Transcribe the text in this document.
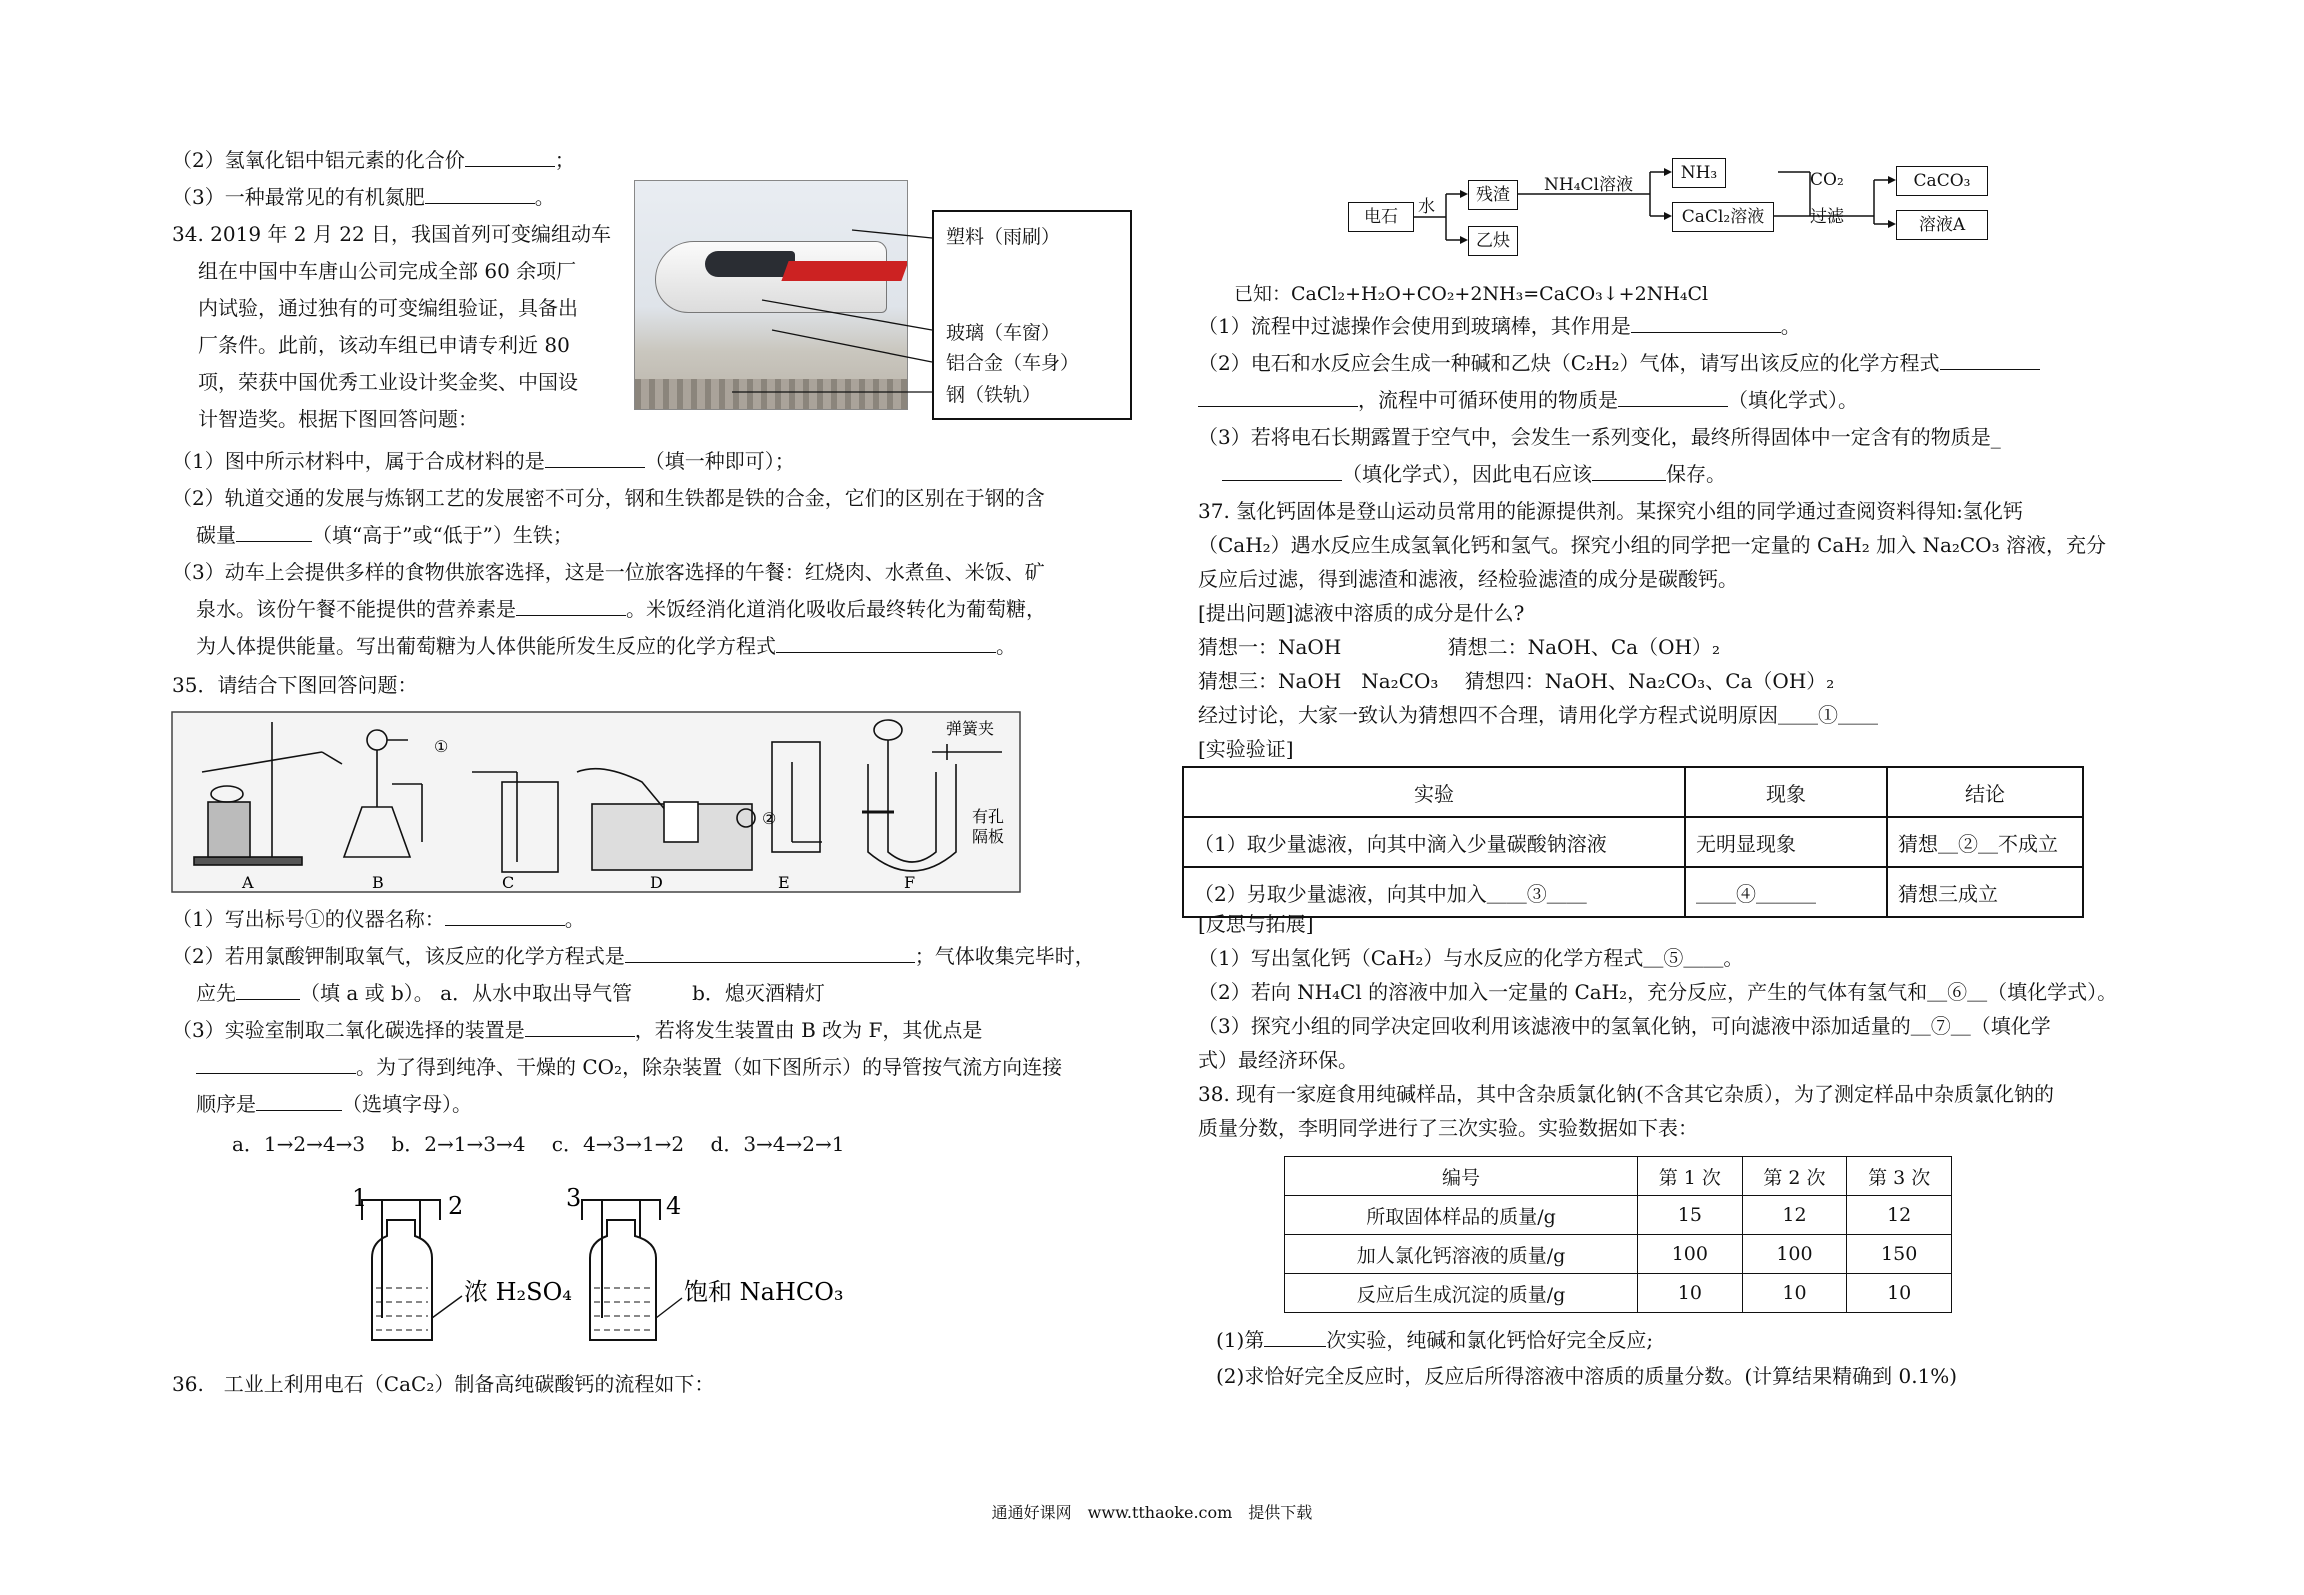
（2）氢氧化铝中铝元素的化合价	；
（3）一种最常见的有机氮肥	。
34. 2019 年 2 月 22 日，我国首列可变编组动车
组在中国中车唐山公司完成全部 60 余项厂
内试验，通过独有的可变编组验证，具备出
厂条件。此前，该动车组已申请专利近 80
项，荣获中国优秀工业设计奖金奖、中国设
计智造奖。根据下图回答问题：
塑料（雨刷）
玻璃（车窗）
铝合金（车身）
钢（铁轨）
（1）图中所示材料中，属于合成材料的是	（填一种即可）；
（2）轨道交通的发展与炼钢工艺的发展密不可分，钢和生铁都是铁的合金，它们的区别在于钢的含
碳量	（填“高于”或“低于”）生铁；
（3）动车上会提供多样的食物供旅客选择，这是一位旅客选择的午餐：红烧肉、水煮鱼、米饭、矿
泉水。该份午餐不能提供的营养素是	。米饭经消化道消化吸收后最终转化为葡萄糖，
为人体提供能量。写出葡萄糖为人体供能所发生反应的化学方程式	。
35．请结合下图回答问题：
①
②
弹簧夹
有孔
隔板
A	B	C	D	E	F
（1）写出标号①的仪器名称：	。
（2）若用氯酸钾制取氧气，该反应的化学方程式是	；气体收集完毕时，
应先	（填 a 或 b）。 a．从水中取出导气管　　　	b．熄灭酒精灯
（3）实验室制取二氧化碳选择的装置是	，若将发生装置由 B 改为 F，其优点是
。为了得到纯净、干燥的 CO₂，除杂装置（如下图所示）的导管按气流方向连接
顺序是	（选填字母）。
a．1→2→4→3　 b．2→1→3→4　 c．4→3→1→2　 d．3→4→2→1
1	2	3	4
浓 H₂SO₄	饱和 NaHCO₃
36.　工业上利用电石（CaC₂）制备高纯碳酸钙的流程如下：
电石	水
残渣
乙炔
NH₄Cl溶液
NH₃
CaCl₂溶液
CO₂
过滤
CaCO₃
溶液A
已知：CaCl₂+H₂O+CO₂+2NH₃=CaCO₃↓+2NH₄Cl
（1）流程中过滤操作会使用到玻璃棒，其作用是	。
（2）电石和水反应会生成一种碱和乙炔（C₂H₂）气体，请写出该反应的化学方程式
，流程中可循环使用的物质是	（填化学式）。
（3）若将电石长期露置于空气中，会发生一系列变化，最终所得固体中一定含有的物质是_
（填化学式），因此电石应该	保存。
37. 氢化钙固体是登山运动员常用的能源提供剂。某探究小组的同学通过查阅资料得知:氢化钙
（CaH₂）遇水反应生成氢氧化钙和氢气。探究小组的同学把一定量的 CaH₂ 加入 Na₂CO₃ 溶液，充分
反应后过滤，得到滤渣和滤液，经检验滤渣的成分是碳酸钙。
[提出问题]滤液中溶质的成分是什么?
猜想一：NaOH　　　　　 猜想二：NaOH、Ca（OH）₂
猜想三：NaOH　Na₂CO₃　 猜想四：NaOH、Na₂CO₃、Ca（OH）₂
经过讨论，大家一致认为猜想四不合理，请用化学方程式说明原因＿＿①＿＿
[实验验证]
实验	现象	结论
（1）取少量滤液，向其中滴入少量碳酸钠溶液	无明显现象	猜想＿②＿不成立
（2）另取少量滤液，向其中加入＿＿③＿＿	＿＿④＿＿＿	猜想三成立
[反思与拓展]
（1）写出氢化钙（CaH₂）与水反应的化学方程式＿⑤＿＿。
（2）若向 NH₄Cl 的溶液中加入一定量的 CaH₂，充分反应，产生的气体有氢气和＿⑥＿（填化学式）。
（3）探究小组的同学决定回收利用该滤液中的氢氧化钠，可向滤液中添加适量的＿⑦＿（填化学
式）最经济环保。
38. 现有一家庭食用纯碱样品，其中含杂质氯化钠(不含其它杂质），为了测定样品中杂质氯化钠的
质量分数，李明同学进行了三次实验。实验数据如下表：
编号	第 1 次	第 2 次	第 3 次
所取固体样品的质量/g	15	12	12
加人氯化钙溶液的质量/g	100	100	150
反应后生成沉淀的质量/g	10	10	10
(1)第	次实验，纯碱和氯化钙恰好完全反应;
(2)求恰好完全反应时，反应后所得溶液中溶质的质量分数。(计算结果精确到 0.1%)
通通好课网　www.tthaoke.com　提供下载
